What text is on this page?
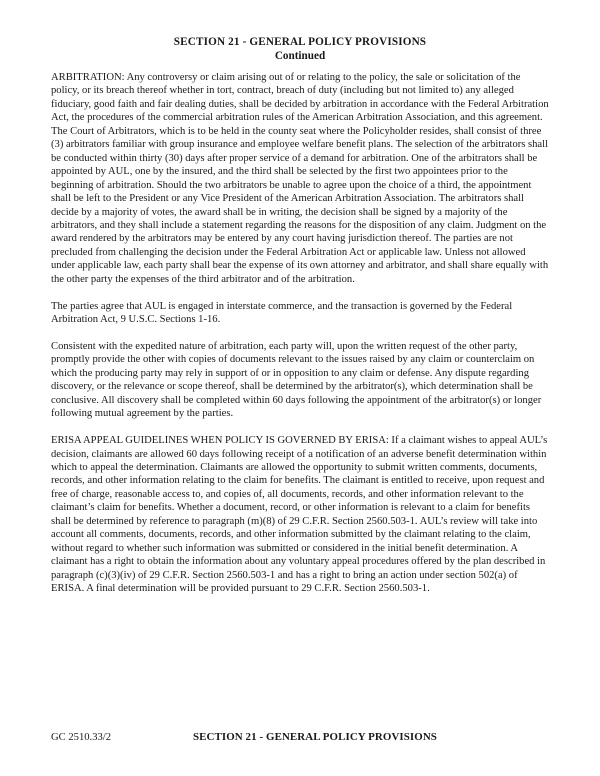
SECTION 21 - GENERAL POLICY PROVISIONS
Continued

ARBITRATION: Any controversy or claim arising out of or relating to the policy, the sale or solicitation of the policy, or its breach thereof whether in tort, contract, breach of duty (including but not limited to) any alleged fiduciary, good faith and fair dealing duties, shall be decided by arbitration in accordance with the Federal Arbitration Act, the procedures of the commercial arbitration rules of the American Arbitration Association, and this agreement. The Court of Arbitrators, which is to be held in the county seat where the Policyholder resides, shall consist of three (3) arbitrators familiar with group insurance and employee welfare benefit plans. The selection of the arbitrators shall be conducted within thirty (30) days after proper service of a demand for arbitration. One of the arbitrators shall be appointed by AUL, one by the insured, and the third shall be selected by the first two appointees prior to the beginning of arbitration. Should the two arbitrators be unable to agree upon the choice of a third, the appointment shall be left to the President or any Vice President of the American Arbitration Association. The arbitrators shall decide by a majority of votes, the award shall be in writing, the decision shall be signed by a majority of the arbitrators, and they shall include a statement regarding the reasons for the disposition of any claim. Judgment on the award rendered by the arbitrators may be entered by any court having jurisdiction thereof. The parties are not precluded from challenging the decision under the Federal Arbitration Act or applicable law. Unless not allowed under applicable law, each party shall bear the expense of its own attorney and arbitrator, and shall share equally with the other party the expenses of the third arbitrator and of the arbitration.

The parties agree that AUL is engaged in interstate commerce, and the transaction is governed by the Federal Arbitration Act, 9 U.S.C. Sections 1-16.

Consistent with the expedited nature of arbitration, each party will, upon the written request of the other party, promptly provide the other with copies of documents relevant to the issues raised by any claim or counterclaim on which the producing party may rely in support of or in opposition to any claim or defense. Any dispute regarding discovery, or the relevance or scope thereof, shall be determined by the arbitrator(s), which determination shall be conclusive. All discovery shall be completed within 60 days following the appointment of the arbitrator(s) or longer following mutual agreement by the parties.

ERISA APPEAL GUIDELINES WHEN POLICY IS GOVERNED BY ERISA: If a claimant wishes to appeal AUL’s decision, claimants are allowed 60 days following receipt of a notification of an adverse benefit determination within which to appeal the determination. Claimants are allowed the opportunity to submit written comments, documents, records, and other information relating to the claim for benefits. The claimant is entitled to receive, upon request and free of charge, reasonable access to, and copies of, all documents, records, and other information relevant to the claimant’s claim for benefits. Whether a document, record, or other information is relevant to a claim for benefits shall be determined by reference to paragraph (m)(8) of 29 C.F.R. Section 2560.503-1. AUL’s review will take into account all comments, documents, records, and other information submitted by the claimant relating to the claim, without regard to whether such information was submitted or considered in the initial benefit determination. A claimant has a right to obtain the information about any voluntary appeal procedures offered by the plan described in paragraph (c)(3)(iv) of 29 C.F.R. Section 2560.503-1 and has a right to bring an action under section 502(a) of ERISA. A final determination will be provided pursuant to 29 C.F.R. Section 2560.503-1.

GC 2510.33/2	SECTION 21 - GENERAL POLICY PROVISIONS
